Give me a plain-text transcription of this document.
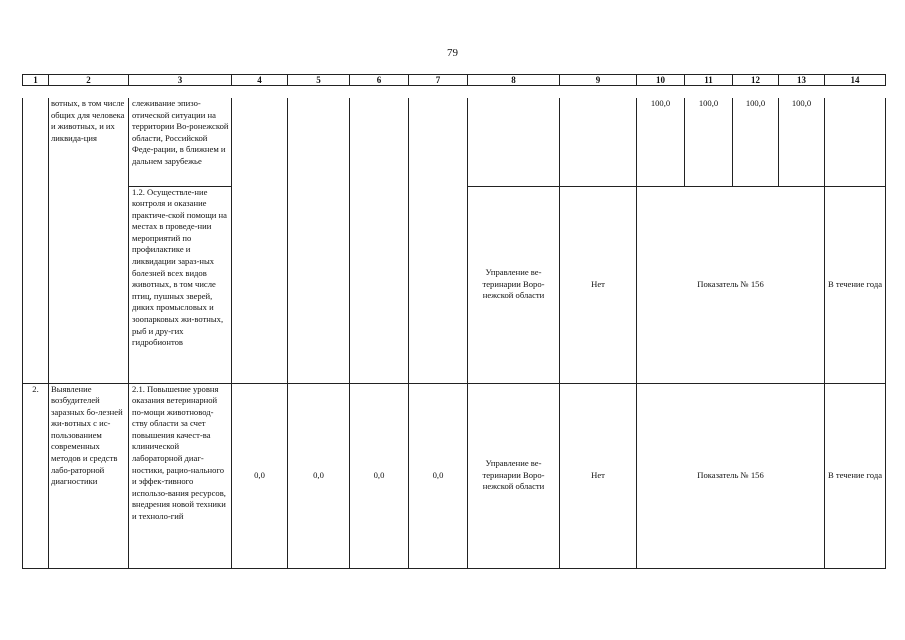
79
1	2	3	4	5	6	7	8	9	10	11	12	13	14
	вотных, в том числе общих для человека и животных, и их ликвида-ция	слеживание эпизо-отической ситуации на территории Во-ронежской области, Российской Феде-рации, в ближнем и дальнем зарубежье							100,0	100,0	100,0	100,0	
		1.2. Осуществле-ние контроля и оказание практиче-ской помощи на местах в проведе-нии мероприятий по профилактике и ликвидации зараз-ных болезней всех видов животных, в том числе птиц, пушных зверей, диких промысловых и зоопарковых жи-вотных, рыб и дру-гих гидробионтов					Управление ве-теринарии Воро-нежской области	Нет	Показатель № 156				В течение года
2.	Выявление возбудителей заразных бо-лезней жи-вотных с ис-пользованием современных методов и средств лабо-раторной диагностики	2.1. Повышение уровня оказания ветеринарной по-мощи животновод-ству области за счет повышения качест-ва клинической лабораторной диаг-ностики, рацио-нального и эффек-тивного использо-вания ресурсов, внедрения новой техники и техноло-гий	0,0	0,0	0,0	0,0	Управление ве-теринарии Воро-нежской области	Нет	Показатель № 156				В течение года
